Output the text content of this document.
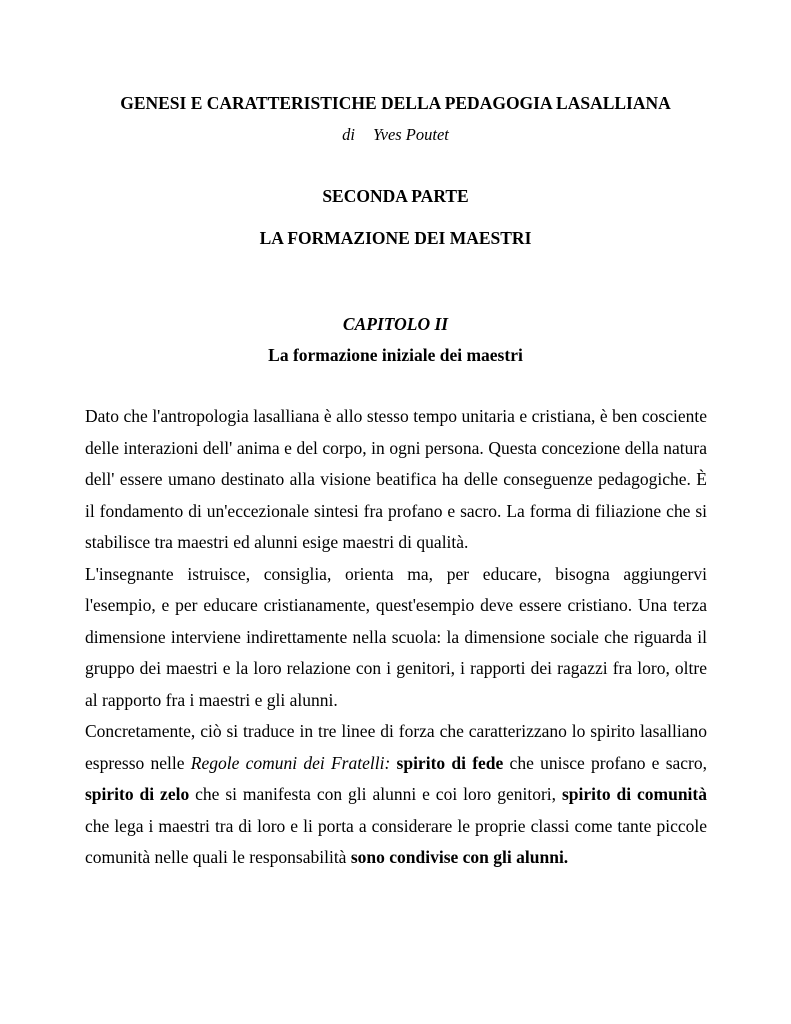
GENESI E CARATTERISTICHE DELLA PEDAGOGIA LASALLIANA
di Yves Poutet
SECONDA PARTE
LA FORMAZIONE DEI MAESTRI
CAPITOLO II
La formazione iniziale dei maestri

Dato che l'antropologia lasalliana è allo stesso tempo unitaria e cristiana, è ben cosciente delle interazioni dell' anima e del corpo, in ogni persona. Questa concezione della natura dell' essere umano destinato alla visione beatifica ha delle conseguenze pedagogiche. È il fondamento di un'eccezionale sintesi fra profano e sacro. La forma di filiazione che si stabilisce tra maestri ed alunni esige maestri di qualità.

L'insegnante istruisce, consiglia, orienta ma, per educare, bisogna aggiungervi l'esempio, e per educare cristianamente, quest'esempio deve essere cristiano. Una terza dimensione interviene indirettamente nella scuola: la dimensione sociale che riguarda il gruppo dei maestri e la loro relazione con i genitori, i rapporti dei ragazzi fra loro, oltre al rapporto fra i maestri e gli alunni.

Concretamente, ciò si traduce in tre linee di forza che caratterizzano lo spirito lasalliano espresso nelle Regole comuni dei Fratelli: spirito di fede che unisce profano e sacro, spirito di zelo che si manifesta con gli alunni e coi loro genitori, spirito di comunità che lega i maestri tra di loro e li porta a considerare le proprie classi come tante piccole comunità nelle quali le responsabilità sono condivise con gli alunni.
